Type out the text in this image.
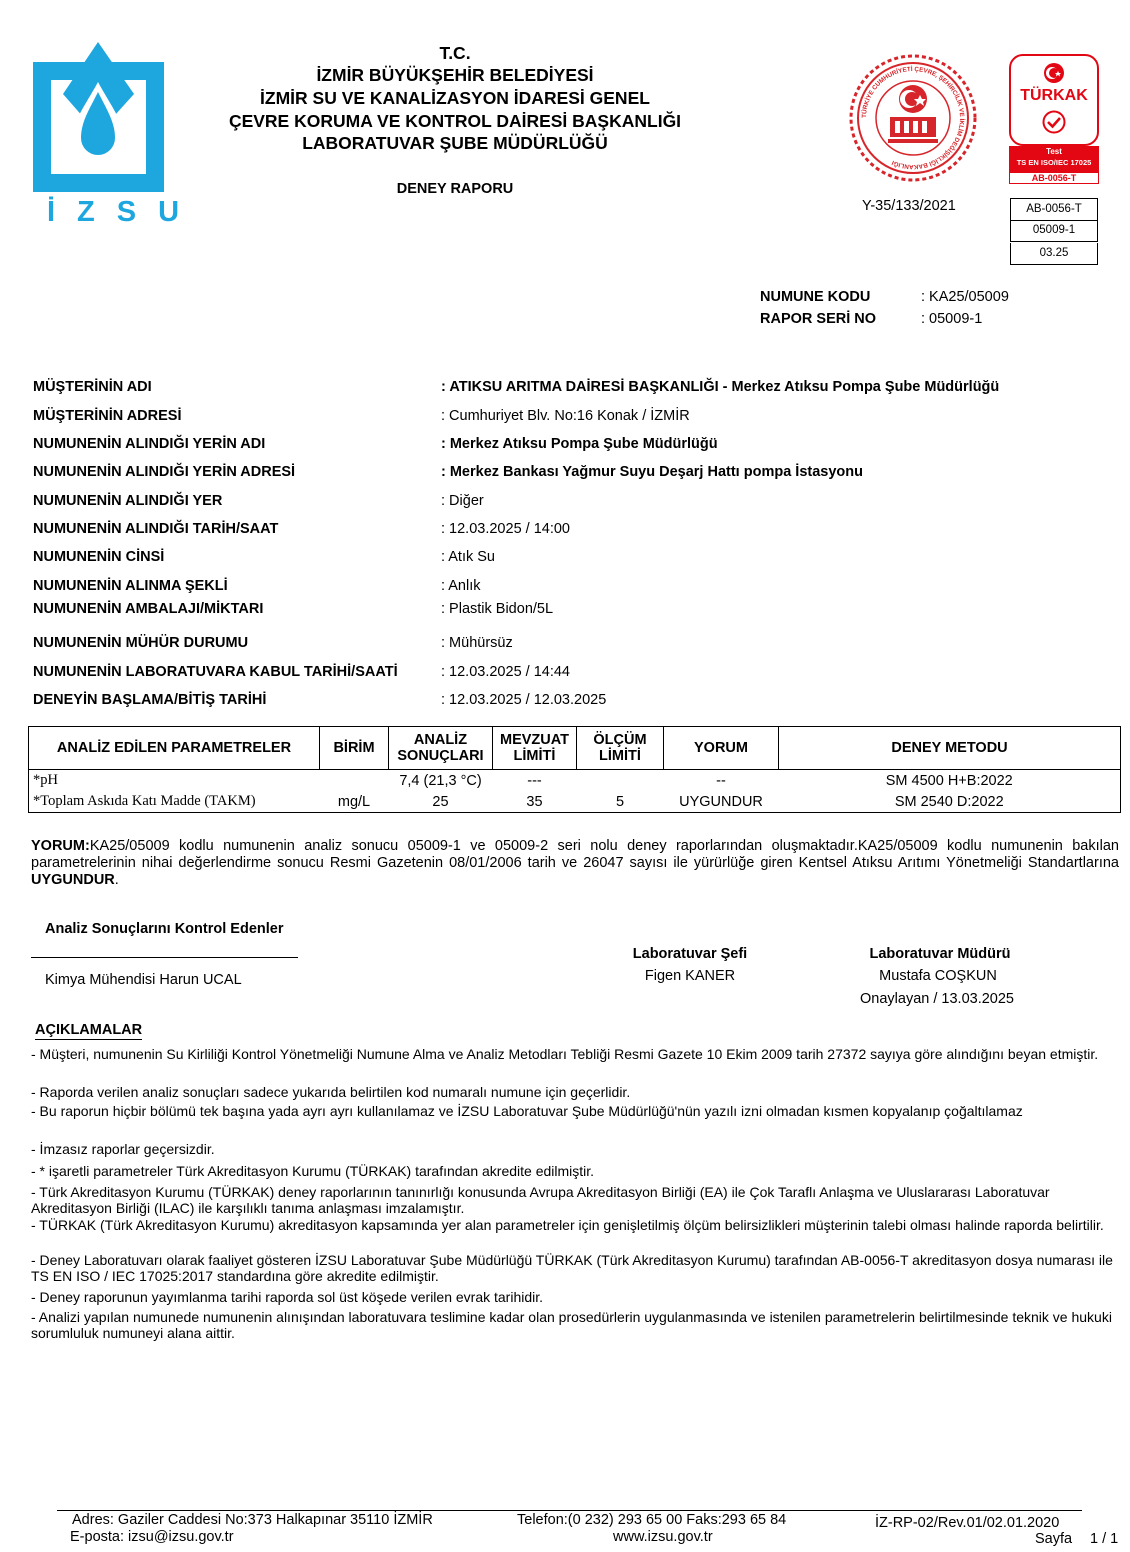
İZSU
T.C.
İZMİR BÜYÜKŞEHİR BELEDİYESİ
İZMİR SU VE KANALİZASYON İDARESİ GENEL
ÇEVRE KORUMA VE KONTROL DAİRESİ BAŞKANLIĞI
LABORATUVAR ŞUBE MÜDÜRLÜĞÜ
DENEY RAPORU
TÜRKİYE CUMHURİYETİ ÇEVRE, ŞEHİRCİLİK VE İKLİM DEĞİŞİKLİĞİ BAKANLIĞI
Y-35/133/2021
TÜRKAK
Test
TS EN ISO/IEC 17025
AB-0056-T
AB-0056-T
05009-1
03.25
NUMUNE KODU	: KA25/05009
RAPOR SERİ NO	: 05009-1
MÜŞTERİNİN ADI	: ATIKSU ARITMA DAİRESİ BAŞKANLIĞI - Merkez Atıksu Pompa Şube Müdürlüğü
MÜŞTERİNİN ADRESİ	: Cumhuriyet Blv. No:16 Konak / İZMİR
NUMUNENİN ALINDIĞI YERİN ADI	: Merkez Atıksu Pompa Şube Müdürlüğü
NUMUNENİN ALINDIĞI YERİN ADRESİ	: Merkez Bankası Yağmur Suyu Deşarj Hattı pompa İstasyonu
NUMUNENİN ALINDIĞI YER	: Diğer
NUMUNENİN ALINDIĞI TARİH/SAAT	: 12.03.2025 / 14:00
NUMUNENİN CİNSİ	: Atık Su
NUMUNENİN ALINMA ŞEKLİ	: Anlık
NUMUNENİN AMBALAJI/MİKTARI	: Plastik Bidon/5L
NUMUNENİN MÜHÜR DURUMU	: Mühürsüz
NUMUNENİN LABORATUVARA KABUL TARİHİ/SAATİ	: 12.03.2025 / 14:44
DENEYİN BAŞLAMA/BİTİŞ TARİHİ	: 12.03.2025 / 12.03.2025
ANALİZ EDİLEN PARAMETRELER	BİRİM	ANALİZ SONUÇLARI	MEVZUAT LİMİTİ	ÖLÇÜM LİMİTİ	YORUM	DENEY METODU
*pH		7,4 (21,3 °C)	---		--	SM 4500 H+B:2022
*Toplam Askıda Katı Madde (TAKM)	mg/L	25	35	5	UYGUNDUR	SM 2540 D:2022
YORUM:KA25/05009 kodlu numunenin analiz sonucu 05009-1 ve 05009-2 seri nolu deney raporlarından oluşmaktadır.KA25/05009 kodlu numunenin bakılan parametrelerinin nihai değerlendirme sonucu Resmi Gazetenin 08/01/2006 tarih ve 26047 sayısı ile yürürlüğe giren Kentsel Atıksu Arıtımı Yönetmeliği Standartlarına UYGUNDUR.
Analiz Sonuçlarını Kontrol Edenler
Kimya Mühendisi Harun UCAL
Laboratuvar Şefi
Figen KANER
Laboratuvar Müdürü
Mustafa COŞKUN
Onaylayan / 13.03.2025
AÇIKLAMALAR
- Müşteri, numunenin Su Kirliliği Kontrol Yönetmeliği Numune Alma ve Analiz Metodları Tebliği Resmi Gazete 10 Ekim 2009 tarih 27372 sayıya göre alındığını beyan etmiştir.
- Raporda verilen analiz sonuçları sadece yukarıda belirtilen kod numaralı numune için geçerlidir.
- Bu raporun hiçbir bölümü tek başına yada ayrı ayrı kullanılamaz ve İZSU Laboratuvar Şube Müdürlüğü'nün yazılı izni olmadan kısmen kopyalanıp çoğaltılamaz
- İmzasız raporlar geçersizdir.
- * işaretli parametreler Türk Akreditasyon Kurumu (TÜRKAK) tarafından akredite edilmiştir.
- Türk Akreditasyon Kurumu (TÜRKAK) deney raporlarının tanınırlığı konusunda Avrupa Akreditasyon Birliği (EA) ile Çok Taraflı Anlaşma ve Uluslararası Laboratuvar Akreditasyon Birliği (ILAC) ile karşılıklı tanıma anlaşması imzalamıştır.
- TÜRKAK (Türk Akreditasyon Kurumu) akreditasyon kapsamında yer alan parametreler için genişletilmiş ölçüm belirsizlikleri müşterinin talebi olması halinde raporda belirtilir.
- Deney Laboratuvarı olarak faaliyet gösteren İZSU Laboratuvar Şube Müdürlüğü TÜRKAK (Türk Akreditasyon Kurumu) tarafından AB-0056-T akreditasyon dosya numarası ile TS EN ISO / IEC 17025:2017 standardına göre akredite edilmiştir.
- Deney raporunun yayımlanma tarihi raporda sol üst köşede verilen evrak tarihidir.
- Analizi yapılan numunede numunenin alınışından laboratuvara teslimine kadar olan prosedürlerin uygulanmasında ve istenilen parametrelerin belirtilmesinde teknik ve hukuki sorumluluk numuneyi alana aittir.
Adres: Gaziler Caddesi No:373 Halkapınar 35110 İZMİR
E-posta: izsu@izsu.gov.tr
Telefon:(0 232) 293 65 00 Faks:293 65 84
www.izsu.gov.tr
İZ-RP-02/Rev.01/02.01.2020
Sayfa 1 / 1
